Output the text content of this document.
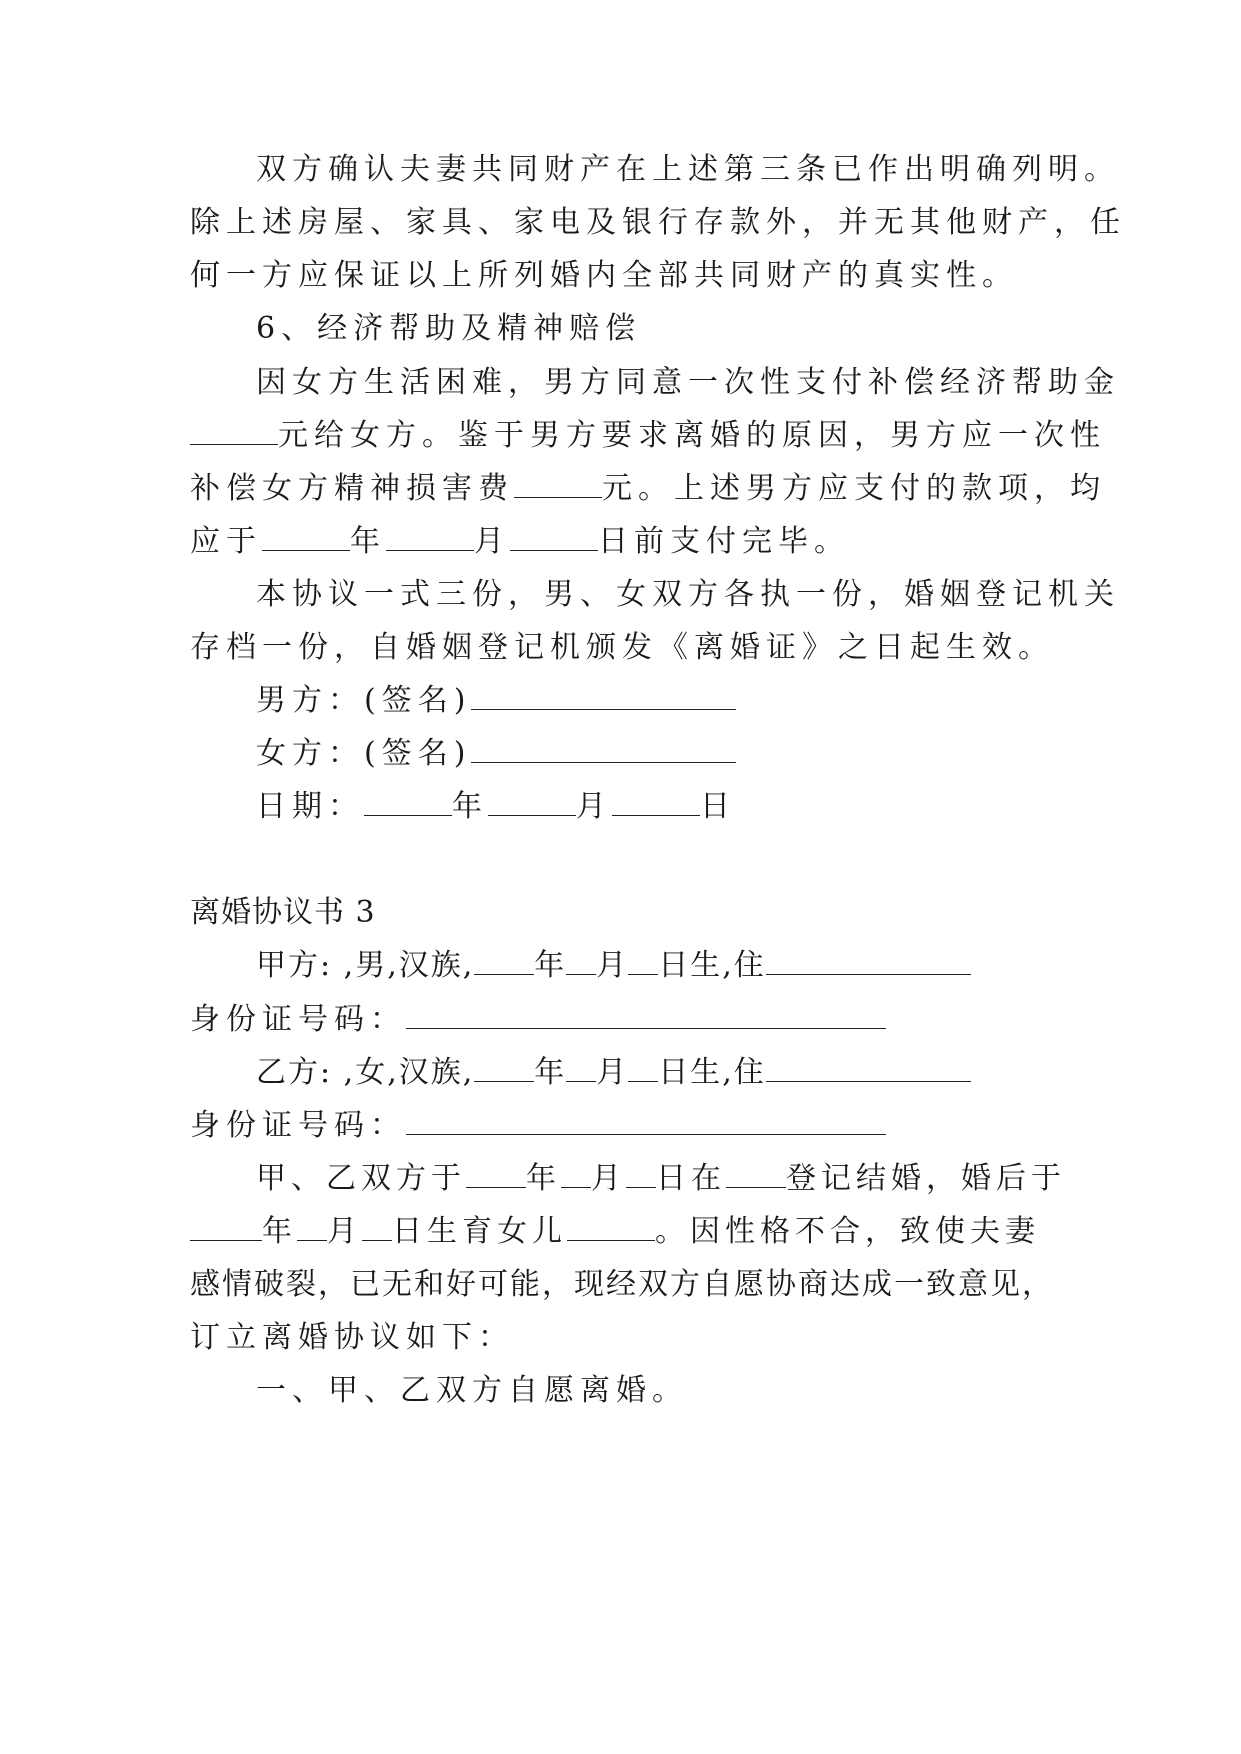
双方确认夫妻共同财产在上述第三条已作出明确列明。
除上述房屋、家具、家电及银行存款外，并无其他财产，任
何一方应保证以上所列婚内全部共同财产的真实性。
6、经济帮助及精神赔偿
因女方生活困难，男方同意一次性支付补偿经济帮助金
元给女方。鉴于男方要求离婚的原因，男方应一次性
补偿女方精神损害费	元。上述男方应支付的款项，均
应于	年	月	日前支付完毕。
本协议一式三份，男、女双方各执一份，婚姻登记机关
存档一份，自婚姻登记机颁发《离婚证》之日起生效。
男方：(签名)
女方：(签名)
日期：	年	月	日
离婚协议书 3
甲方: ,男,汉族, 年 月 日生,住
身份证号码：
乙方: ,女,汉族, 年 月 日生,住
身份证号码：
甲、乙双方于 年 月 日在 登记结婚，婚后于
年 月 日生育女儿	。因性格不合，致使夫妻
感情破裂，已无和好可能，现经双方自愿协商达成一致意见，
订立离婚协议如下：
一、甲、乙双方自愿离婚。
